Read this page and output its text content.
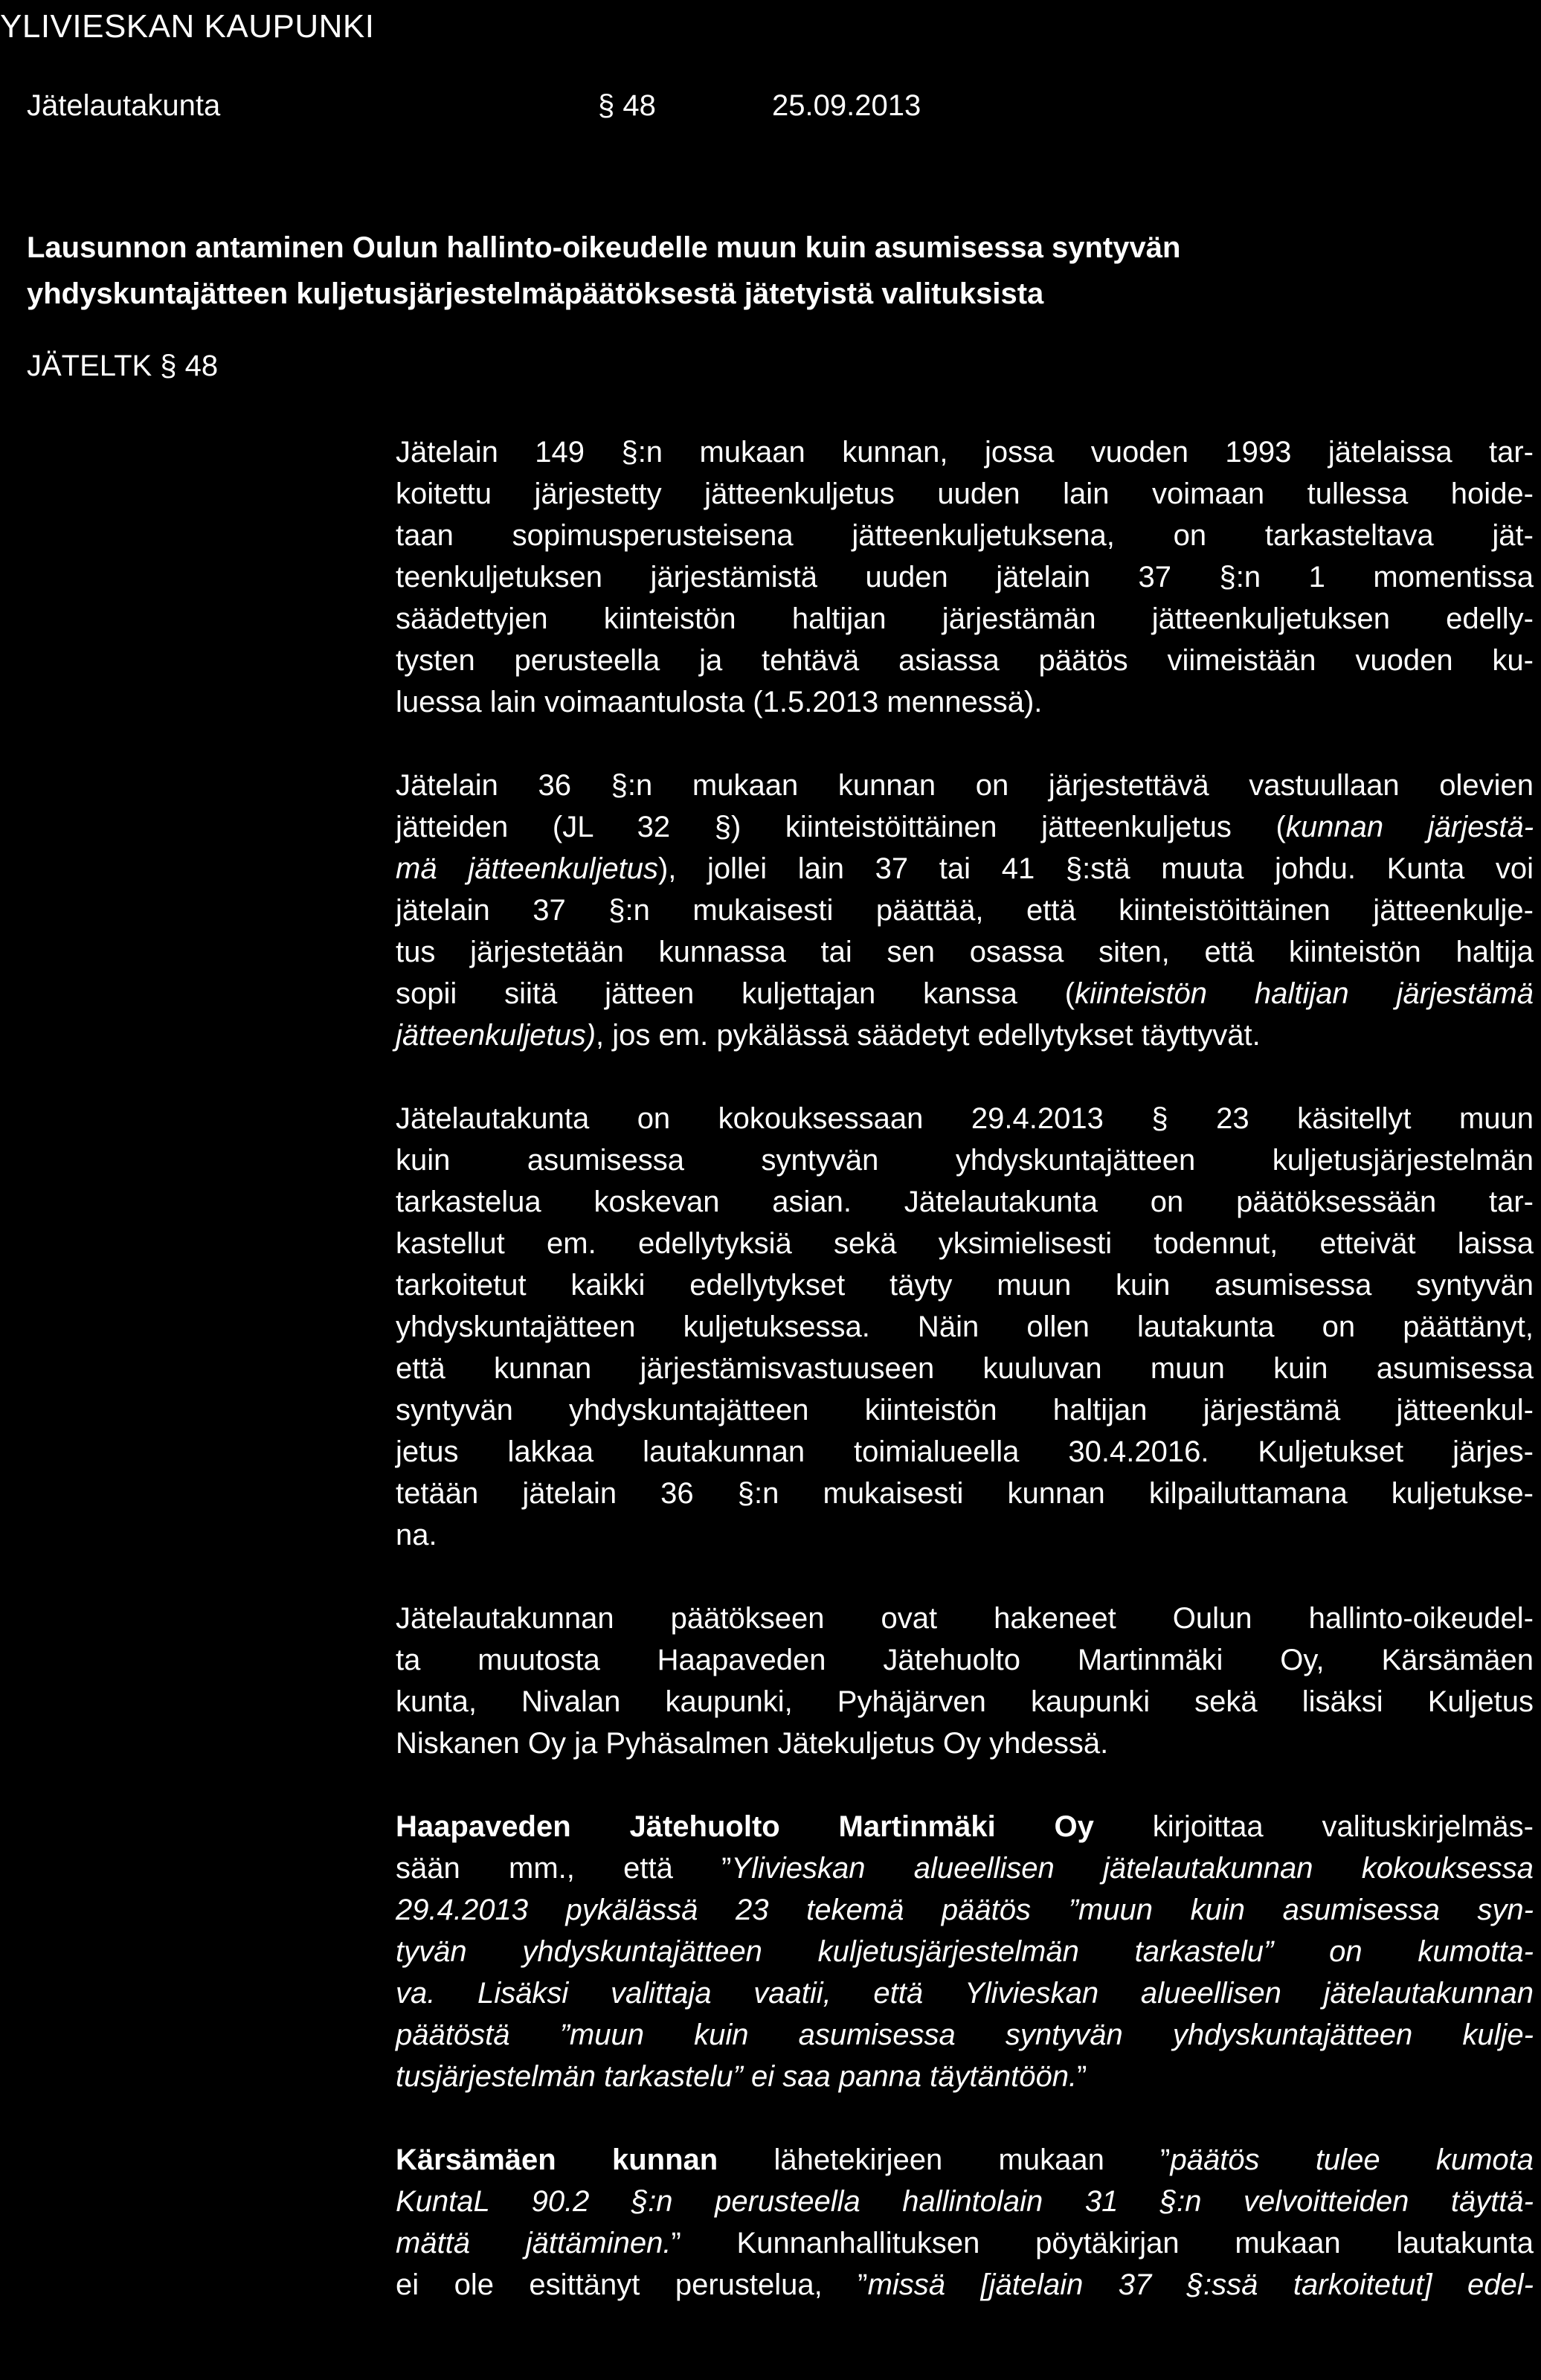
YLIVIESKAN KAUPUNKI
Jätelautakunta	§ 48	25.09.2013
Lausunnon antaminen Oulun hallinto-oikeudelle muun kuin asumisessa syntyvän
yhdyskuntajätteen kuljetusjärjestelmäpäätöksestä jätetyistä valituksista
JÄTELTK § 48

Jätelain 149 §:n mukaan kunnan, jossa vuoden 1993 jätelaissa tar-
koitettu järjestetty jätteenkuljetus uuden lain voimaan tullessa hoide-
taan sopimusperusteisena jätteenkuljetuksena, on tarkasteltava jät-
teenkuljetuksen järjestämistä uuden jätelain 37 §:n 1 momentissa
säädettyjen kiinteistön haltijan järjestämän jätteenkuljetuksen edelly-
tysten perusteella ja tehtävä asiassa päätös viimeistään vuoden ku-
luessa lain voimaantulosta (1.5.2013 mennessä).

Jätelain 36 §:n mukaan kunnan on järjestettävä vastuullaan olevien
jätteiden (JL 32 §) kiinteistöittäinen jätteenkuljetus (kunnan järjestä-
mä jätteenkuljetus), jollei lain 37 tai 41 §:stä muuta johdu. Kunta voi
jätelain 37 §:n mukaisesti päättää, että kiinteistöittäinen jätteenkulje-
tus järjestetään kunnassa tai sen osassa siten, että kiinteistön haltija
sopii siitä jätteen kuljettajan kanssa (kiinteistön haltijan järjestämä
jätteenkuljetus), jos em. pykälässä säädetyt edellytykset täyttyvät.

Jätelautakunta on kokouksessaan 29.4.2013 § 23 käsitellyt muun
kuin asumisessa syntyvän yhdyskuntajätteen kuljetusjärjestelmän
tarkastelua koskevan asian. Jätelautakunta on päätöksessään tar-
kastellut em. edellytyksiä sekä yksimielisesti todennut, etteivät laissa
tarkoitetut kaikki edellytykset täyty muun kuin asumisessa syntyvän
yhdyskuntajätteen kuljetuksessa. Näin ollen lautakunta on päättänyt,
että kunnan järjestämisvastuuseen kuuluvan muun kuin asumisessa
syntyvän yhdyskuntajätteen kiinteistön haltijan järjestämä jätteenkul-
jetus lakkaa lautakunnan toimialueella 30.4.2016. Kuljetukset järjes-
tetään jätelain 36 §:n mukaisesti kunnan kilpailuttamana kuljetukse-
na.

Jätelautakunnan päätökseen ovat hakeneet Oulun hallinto-oikeudel-
ta muutosta Haapaveden Jätehuolto Martinmäki Oy, Kärsämäen
kunta, Nivalan kaupunki, Pyhäjärven kaupunki sekä lisäksi Kuljetus
Niskanen Oy ja Pyhäsalmen Jätekuljetus Oy yhdessä.

Haapaveden Jätehuolto Martinmäki Oy kirjoittaa valituskirjelmäs-
sään mm., että ”Ylivieskan alueellisen jätelautakunnan kokouksessa
29.4.2013 pykälässä 23 tekemä päätös ”muun kuin asumisessa syn-
tyvän yhdyskuntajätteen kuljetusjärjestelmän tarkastelu” on kumotta-
va. Lisäksi valittaja vaatii, että Ylivieskan alueellisen jätelautakunnan
päätöstä ”muun kuin asumisessa syntyvän yhdyskuntajätteen kulje-
tusjärjestelmän tarkastelu” ei saa panna täytäntöön.”

Kärsämäen kunnan lähetekirjeen mukaan ”päätös tulee kumota
KuntaL 90.2 §:n perusteella hallintolain 31 §:n velvoitteiden täyttä-
mättä jättäminen.” Kunnanhallituksen pöytäkirjan mukaan lautakunta
ei ole esittänyt perustelua, ”missä [jätelain 37 §:ssä tarkoitetut] edel-
